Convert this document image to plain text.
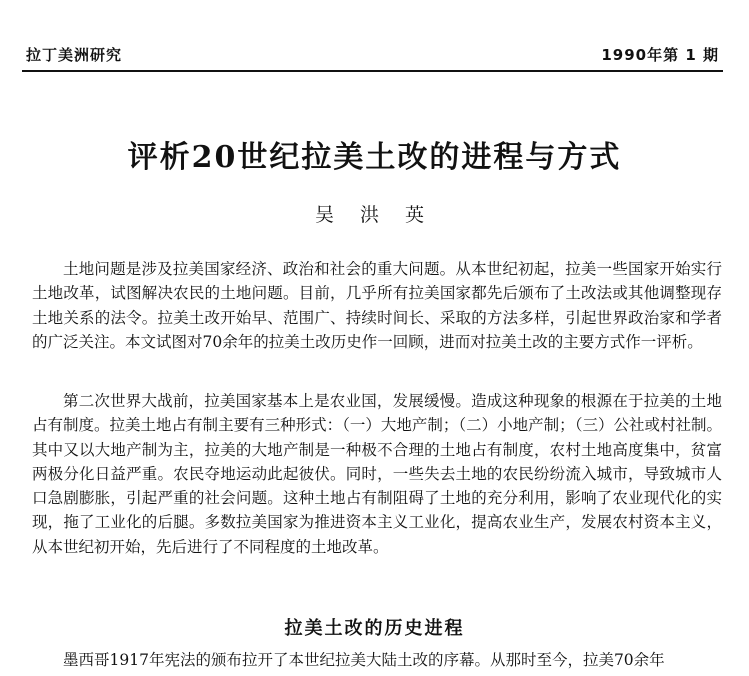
拉丁美洲研究	1990年第 1 期
评析20世纪拉美土改的进程与方式
吴 洪 英

土地问题是涉及拉美国家经济、政治和社会的重大问题。从本世纪初起，拉美一些国家开始实行土地改革，试图解决农民的土地问题。目前，几乎所有拉美国家都先后颁布了土改法或其他调整现存土地关系的法令。拉美土改开始早、范围广、持续时间长、采取的方法多样，引起世界政治家和学者的广泛关注。本文试图对70余年的拉美土改历史作一回顾，进而对拉美土改的主要方式作一评析。

第二次世界大战前，拉美国家基本上是农业国，发展缓慢。造成这种现象的根源在于拉美的土地占有制度。拉美土地占有制主要有三种形式：（一）大地产制；（二）小地产制；（三）公社或村社制。其中又以大地产制为主，拉美的大地产制是一种极不合理的土地占有制度，农村土地高度集中，贫富两极分化日益严重。农民夺地运动此起彼伏。同时，一些失去土地的农民纷纷流入城市，导致城市人口急剧膨胀，引起严重的社会问题。这种土地占有制阻碍了土地的充分利用，影响了农业现代化的实现，拖了工业化的后腿。多数拉美国家为推进资本主义工业化，提高农业生产，发展农村资本主义，从本世纪初开始，先后进行了不同程度的土地改革。

拉美土改的历史进程

墨西哥1917年宪法的颁布拉开了本世纪拉美大陆土改的序幕。从那时至今，拉美70余年
